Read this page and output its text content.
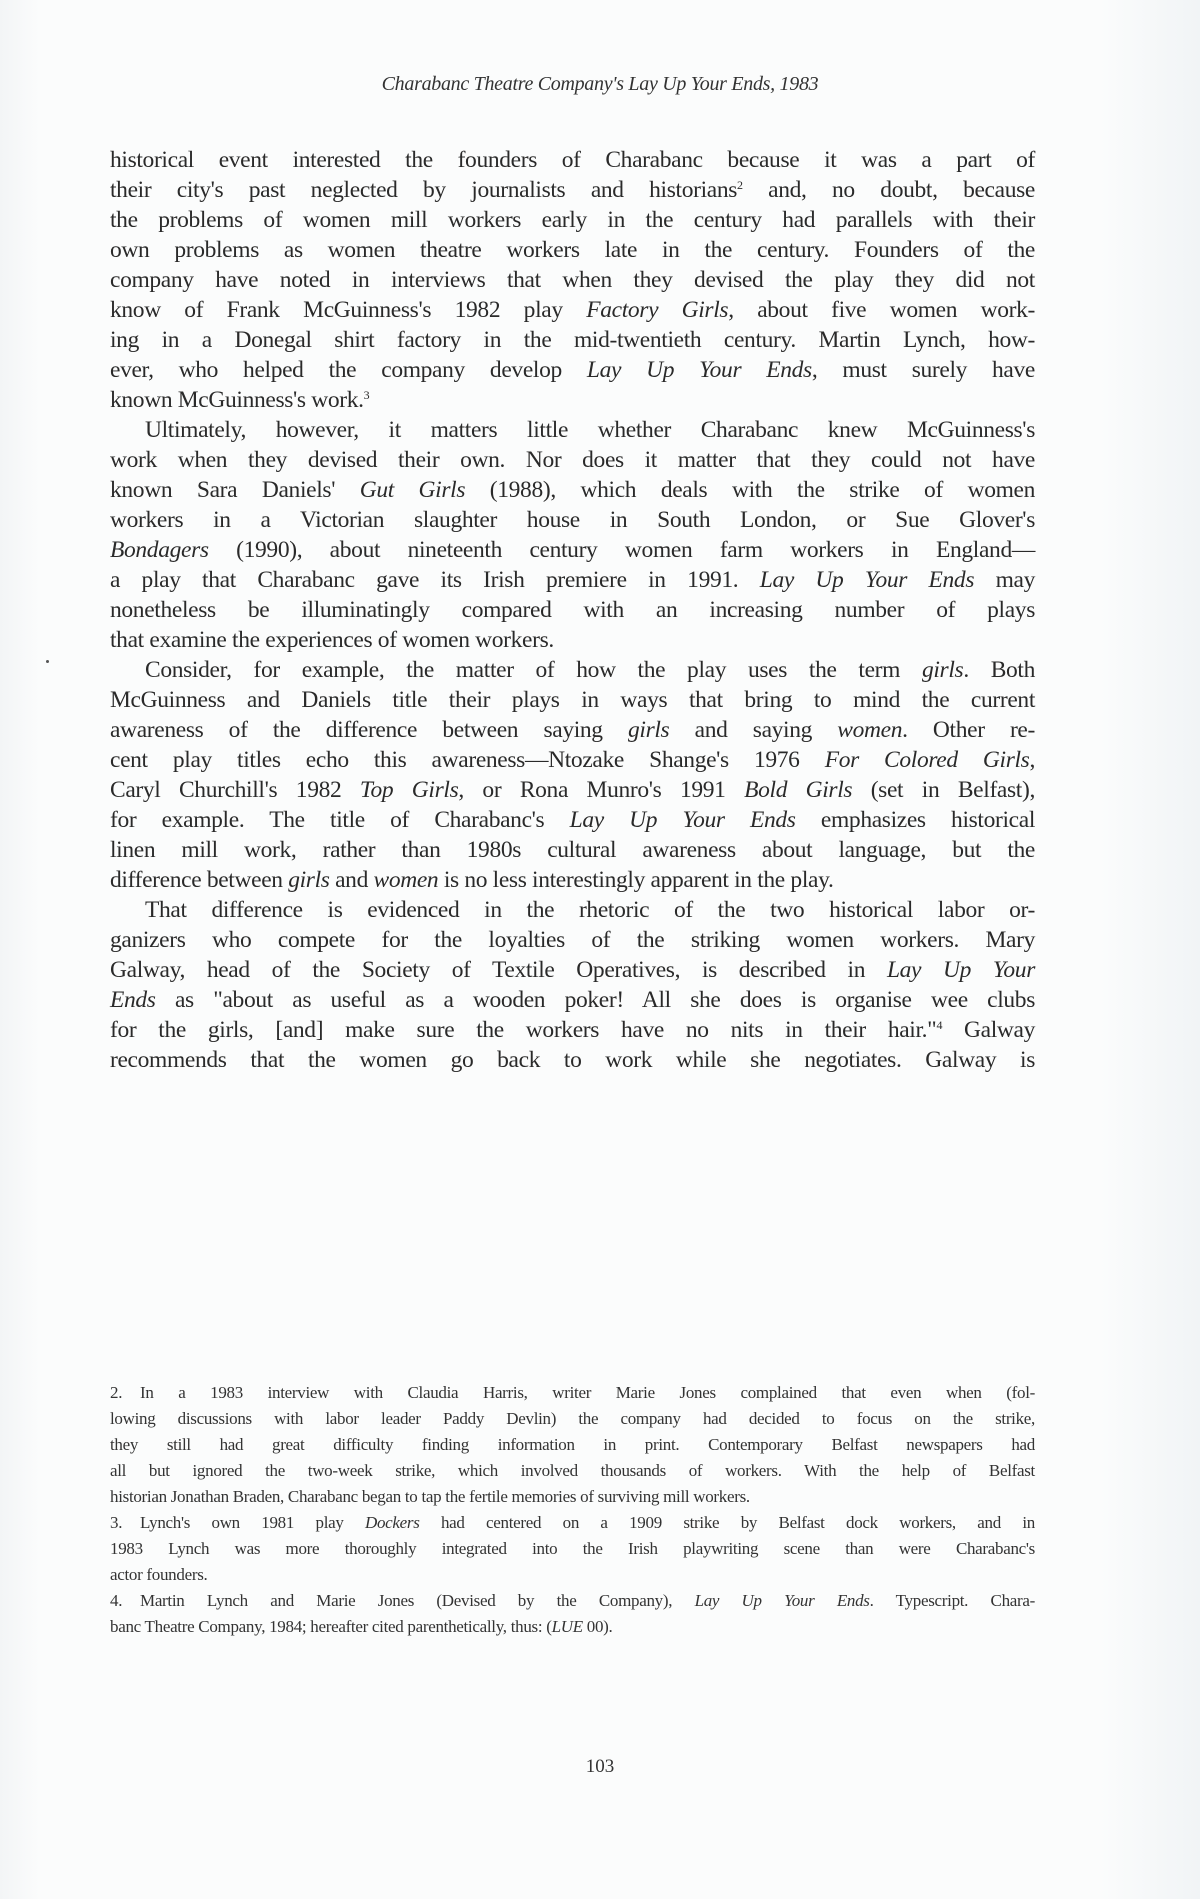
Charabanc Theatre Company's Lay Up Your Ends, 1983
historical event interested the founders of Charabanc because it was a part of
their city's past neglected by journalists and historians$^2$ and, no doubt, because
the problems of women mill workers early in the century had parallels with their
own problems as women theatre workers late in the century. Founders of the
company have noted in interviews that when they devised the play they did not
know of Frank McGuinness's 1982 play Factory Girls, about five women work-
ing in a Donegal shirt factory in the mid-twentieth century. Martin Lynch, how-
ever, who helped the company develop Lay Up Your Ends, must surely have
known McGuinness's work.$^3$
Ultimately, however, it matters little whether Charabanc knew McGuinness's
work when they devised their own. Nor does it matter that they could not have
known Sara Daniels' Gut Girls (1988), which deals with the strike of women
workers in a Victorian slaughter house in South London, or Sue Glover's
Bondagers (1990), about nineteenth century women farm workers in England—
a play that Charabanc gave its Irish premiere in 1991. Lay Up Your Ends may
nonetheless be illuminatingly compared with an increasing number of plays
that examine the experiences of women workers.
Consider, for example, the matter of how the play uses the term girls. Both
McGuinness and Daniels title their plays in ways that bring to mind the current
awareness of the difference between saying girls and saying women. Other re-
cent play titles echo this awareness—Ntozake Shange's 1976 For Colored Girls,
Caryl Churchill's 1982 Top Girls, or Rona Munro's 1991 Bold Girls (set in Belfast),
for example. The title of Charabanc's Lay Up Your Ends emphasizes historical
linen mill work, rather than 1980s cultural awareness about language, but the
difference between girls and women is no less interestingly apparent in the play.
That difference is evidenced in the rhetoric of the two historical labor or-
ganizers who compete for the loyalties of the striking women workers. Mary
Galway, head of the Society of Textile Operatives, is described in Lay Up Your
Ends as "about as useful as a wooden poker! All she does is organise wee clubs
for the girls, [and] make sure the workers have no nits in their hair."$^4$ Galway
recommends that the women go back to work while she negotiates. Galway is
2. In a 1983 interview with Claudia Harris, writer Marie Jones complained that even when (fol-
lowing discussions with labor leader Paddy Devlin) the company had decided to focus on the strike,
they still had great difficulty finding information in print. Contemporary Belfast newspapers had
all but ignored the two-week strike, which involved thousands of workers. With the help of Belfast
historian Jonathan Braden, Charabanc began to tap the fertile memories of surviving mill workers.
3. Lynch's own 1981 play Dockers had centered on a 1909 strike by Belfast dock workers, and in
1983 Lynch was more thoroughly integrated into the Irish playwriting scene than were Charabanc's
actor founders.
4. Martin Lynch and Marie Jones (Devised by the Company), Lay Up Your Ends. Typescript. Chara-
banc Theatre Company, 1984; hereafter cited parenthetically, thus: (LUE 00).
103
